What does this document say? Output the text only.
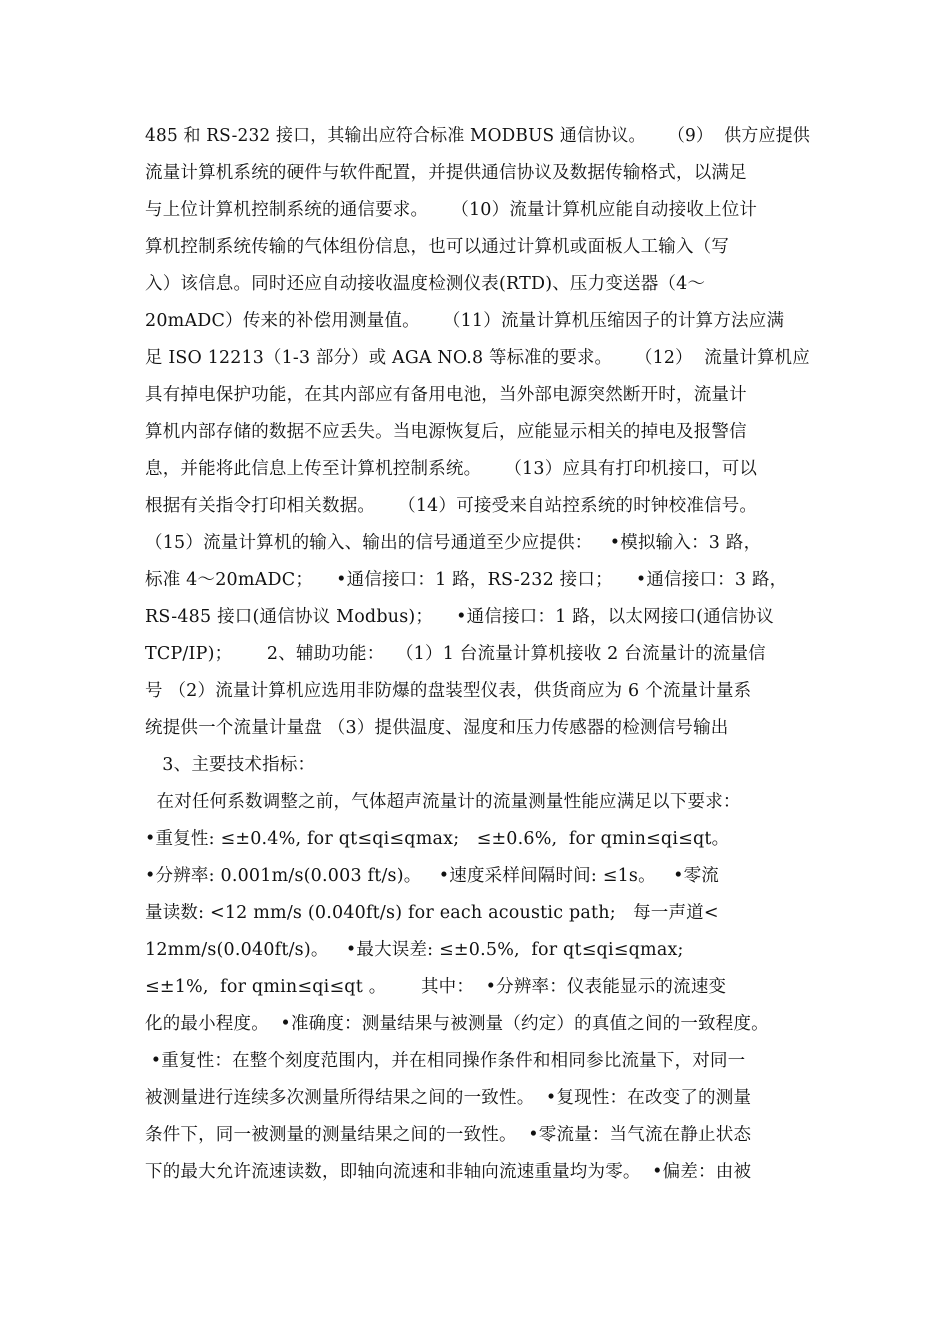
485 和 RS-232 接口，其输出应符合标准 MODBUS 通信协议。    （9）  供方应提供
流量计算机系统的硬件与软件配置，并提供通信协议及数据传输格式，以满足
与上位计算机控制系统的通信要求。    （10）流量计算机应能自动接收上位计
算机控制系统传输的气体组份信息，也可以通过计算机或面板人工输入（写
入）该信息。同时还应自动接收温度检测仪表(RTD)、压力变送器（4～
20mADC）传来的补偿用测量值。    （11）流量计算机压缩因子的计算方法应满
足 ISO 12213（1-3 部分）或 AGA NO.8 等标准的要求。    （12）  流量计算机应
具有掉电保护功能，在其内部应有备用电池，当外部电源突然断开时，流量计
算机内部存储的数据不应丢失。当电源恢复后，应能显示相关的掉电及报警信
息，并能将此信息上传至计算机控制系统。    （13）应具有打印机接口，可以
根据有关指令打印相关数据。    （14）可接受来自站控系统的时钟校准信号。
（15）流量计算机的输入、输出的信号通道至少应提供：   •模拟输入：3 路，
标准 4～20mADC；    •通信接口：1 路，RS-232 接口；    •通信接口：3 路，
RS-485 接口(通信协议 Modbus)；    •通信接口：1 路，以太网接口(通信协议
TCP/IP)；      2、辅助功能：  （1）1 台流量计算机接收 2 台流量计的流量信
号 （2）流量计算机应选用非防爆的盘装型仪表，供货商应为 6 个流量计量系
统提供一个流量计量盘 （3）提供温度、湿度和压力传感器的检测信号输出
3、主要技术指标：
在对任何系数调整之前，气体超声流量计的流量测量性能应满足以下要求：
•重复性: ≤±0.4%, for qt≤qi≤qmax;   ≤±0.6%,  for qmin≤qi≤qt。
•分辨率: 0.001m/s(0.003 ft/s)。   •速度采样间隔时间: ≤1s。   •零流
量读数: <12 mm/s (0.040ft/s) for each acoustic path;   每一声道<
12mm/s(0.040ft/s)。   •最大误差: ≤±0.5%,  for qt≤qi≤qmax;
≤±1%,  for qmin≤qi≤qt 。      其中：  •分辨率：仪表能显示的流速变
化的最小程度。  •准确度：测量结果与被测量（约定）的真值之间的一致程度。
•重复性：在整个刻度范围内，并在相同操作条件和相同参比流量下，对同一
被测量进行连续多次测量所得结果之间的一致性。  •复现性：在改变了的测量
条件下，同一被测量的测量结果之间的一致性。  •零流量：当气流在静止状态
下的最大允许流速读数，即轴向流速和非轴向流速重量均为零。  •偏差：由被
